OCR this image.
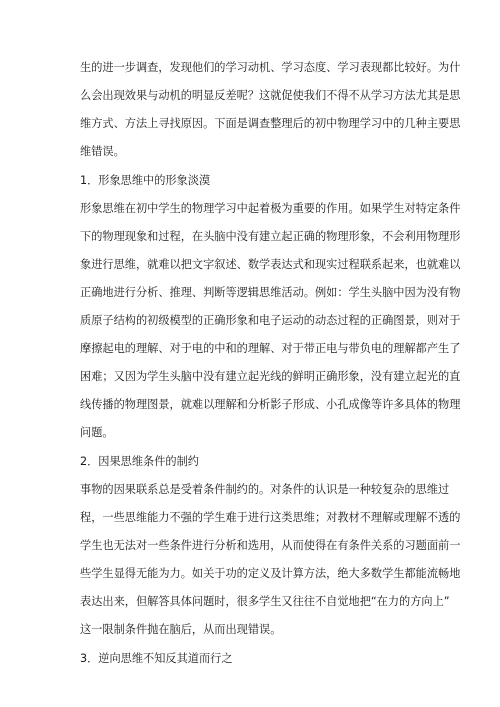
生的进一步调查，发现他们的学习动机、学习态度、学习表现都比较好。为什
么会出现效果与动机的明显反差呢？这就促使我们不得不从学习方法尤其是思
维方式、方法上寻找原因。下面是调查整理后的初中物理学习中的几种主要思
维错误。
1．形象思维中的形象淡漠
形象思维在初中学生的物理学习中起着极为重要的作用。如果学生对特定条件
下的物理现象和过程，在头脑中没有建立起正确的物理形象，不会利用物理形
象进行思维，就难以把文字叙述、数学表达式和现实过程联系起来，也就难以
正确地进行分析、推理、判断等逻辑思维活动。例如：学生头脑中因为没有物
质原子结构的初级模型的正确形象和电子运动的动态过程的正确图景，则对于
摩擦起电的理解、对于电的中和的理解、对于带正电与带负电的理解都产生了
困难；又因为学生头脑中没有建立起光线的鲜明正确形象，没有建立起光的直
线传播的物理图景，就难以理解和分析影子形成、小孔成像等许多具体的物理
问题。
2．因果思维条件的制约
事物的因果联系总是受着条件制约的。对条件的认识是一种较复杂的思维过
程，一些思维能力不强的学生难于进行这类思维；对教材不理解或理解不透的
学生也无法对一些条件进行分析和选用，从而使得在有条件关系的习题面前一
些学生显得无能为力。如关于功的定义及计算方法，绝大多数学生都能流畅地
表达出来，但解答具体问题时，很多学生又往往不自觉地把“在力的方向上”
这一限制条件抛在脑后，从而出现错误。
3．逆向思维不知反其道而行之
